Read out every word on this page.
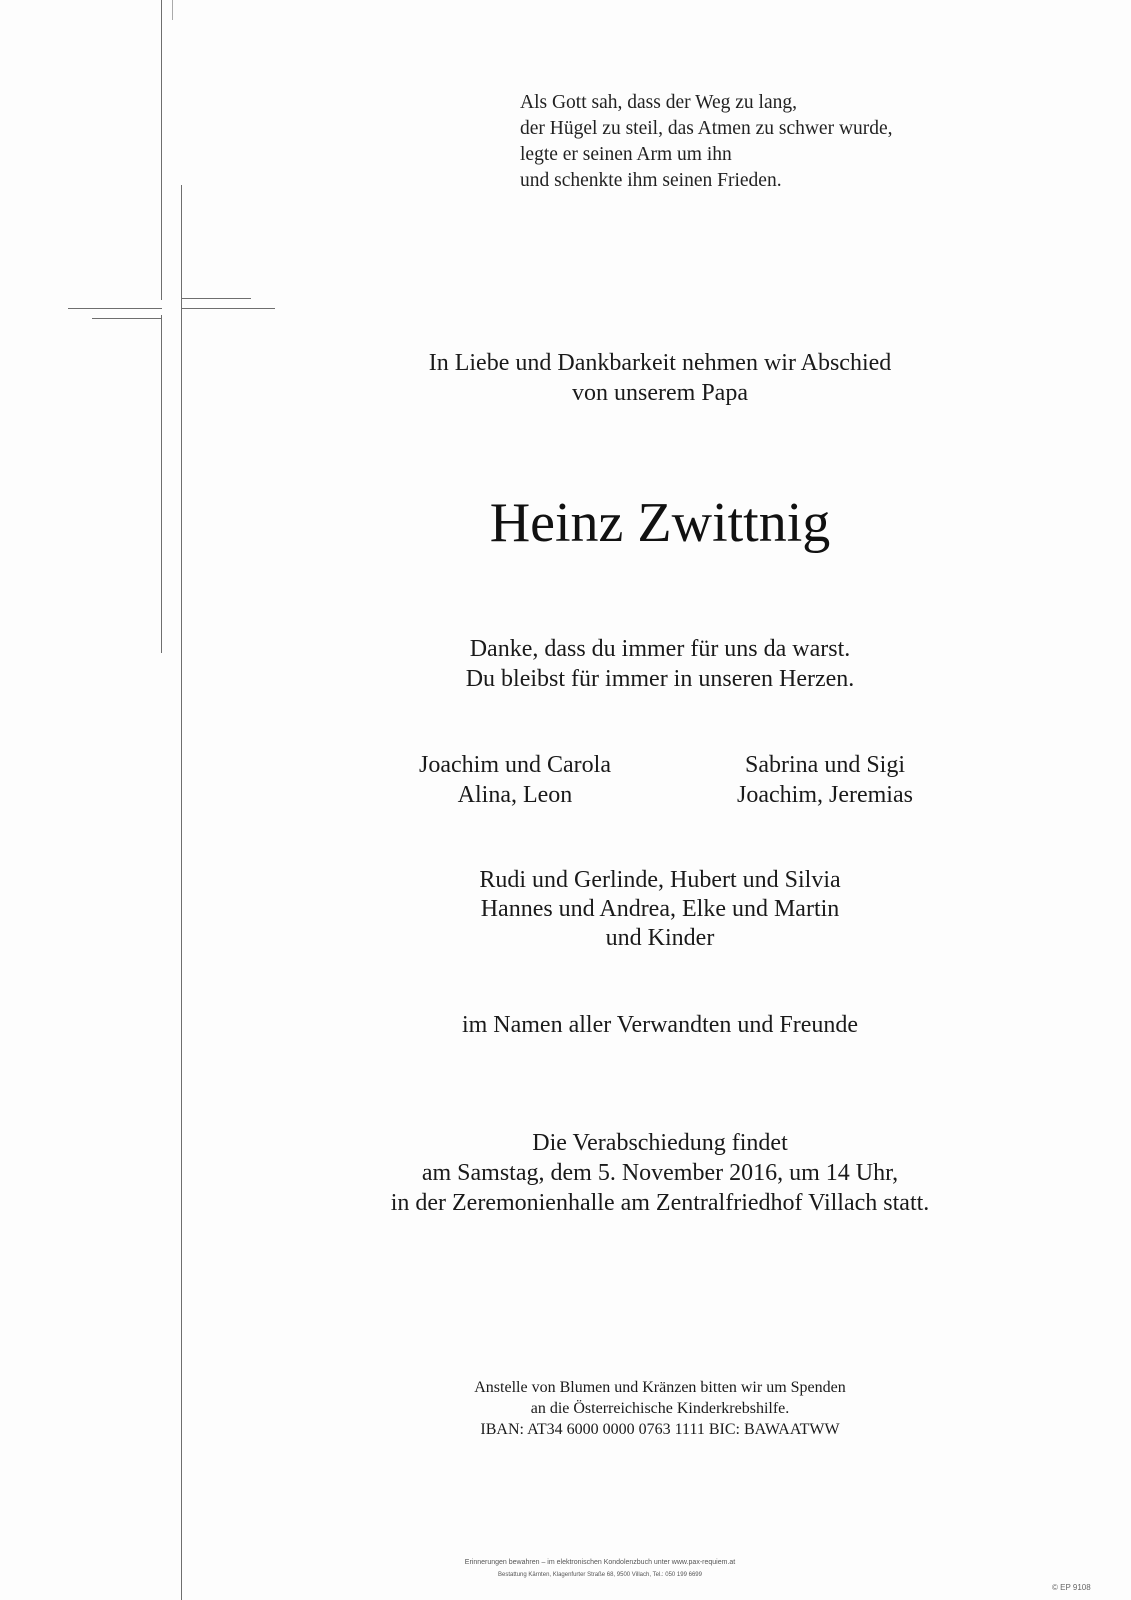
Als Gott sah, dass der Weg zu lang,
der Hügel zu steil, das Atmen zu schwer wurde,
legte er seinen Arm um ihn
und schenkte ihm seinen Frieden.
In Liebe und Dankbarkeit nehmen wir Abschied
von unserem Papa
Heinz Zwittnig
Danke, dass du immer für uns da warst.
Du bleibst für immer in unseren Herzen.
Joachim und Carola
Alina, Leon
Sabrina und Sigi
Joachim, Jeremias
Rudi und Gerlinde, Hubert und Silvia
Hannes und Andrea, Elke und Martin
und Kinder
im Namen aller Verwandten und Freunde
Die Verabschiedung findet
am Samstag, dem 5. November 2016, um 14 Uhr,
in der Zeremonienhalle am Zentralfriedhof Villach statt.
Anstelle von Blumen und Kränzen bitten wir um Spenden
an die Österreichische Kinderkrebshilfe.
IBAN: AT34 6000 0000 0763 1111 BIC: BAWAATWW
Erinnerungen bewahren – im elektronischen Kondolenzbuch unter www.pax-requiem.at
Bestattung Kärnten, Klagenfurter Straße 68, 9500 Villach, Tel.: 050 199 6699
© EP 9108
